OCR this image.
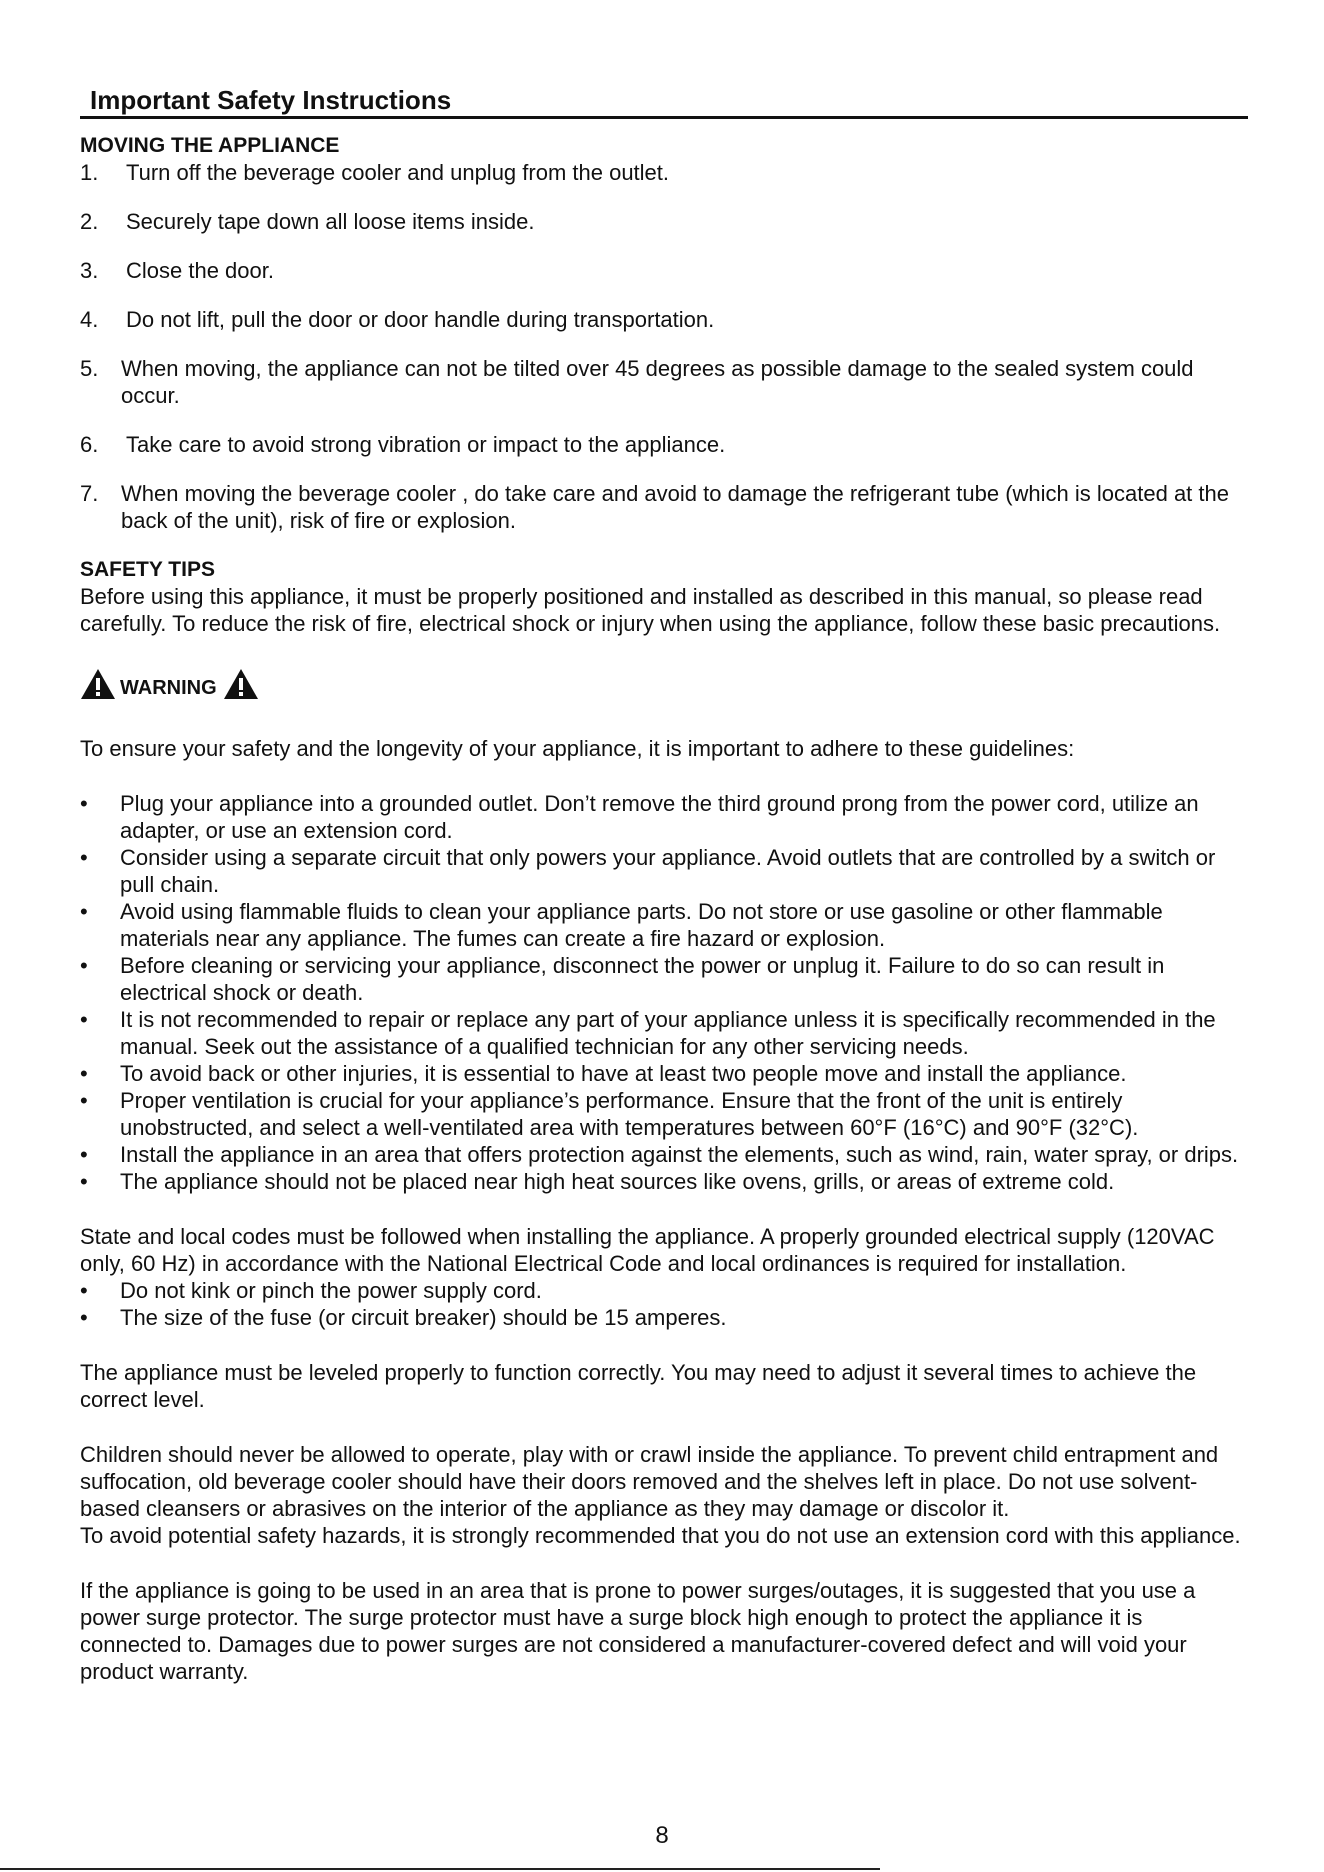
Important Safety Instructions
MOVING THE APPLIANCE
1.	Turn off the beverage cooler and unplug from the outlet.
2.	Securely tape down all loose items inside.
3.	Close the door.
4.	Do not lift, pull the door or door handle during transportation.
5.	When moving, the appliance can not be tilted over 45 degrees as possible damage to the sealed system could occur.
6.	Take care to avoid strong vibration or impact to the appliance.
7.	When moving the beverage cooler , do take care and avoid to damage the refrigerant tube (which is located at the back of the unit), risk of fire or explosion.
SAFETY TIPS

Before using this appliance, it must be properly positioned and installed as described in this manual, so please read carefully. To reduce the risk of fire, electrical shock or injury when using the appliance, follow these basic precautions.

WARNING

To ensure your safety and the longevity of your appliance, it is important to adhere to these guidelines:

•	Plug your appliance into a grounded outlet. Don’t remove the third ground prong from the power cord, utilize an adapter, or use an extension cord.
•	Consider using a separate circuit that only powers your appliance. Avoid outlets that are controlled by a switch or pull chain.
•	Avoid using flammable fluids to clean your appliance parts. Do not store or use gasoline or other flammable materials near any appliance. The fumes can create a fire hazard or explosion.
•	Before cleaning or servicing your appliance, disconnect the power or unplug it. Failure to do so can result in electrical shock or death.
•	It is not recommended to repair or replace any part of your appliance unless it is specifically recommended in the manual. Seek out the assistance of a qualified technician for any other servicing needs.
•	To avoid back or other injuries, it is essential to have at least two people move and install the appliance.
•	Proper ventilation is crucial for your appliance’s performance. Ensure that the front of the unit is entirely unobstructed, and select a well-ventilated area with temperatures between 60°F (16°C) and 90°F (32°C).
•	Install the appliance in an area that offers protection against the elements, such as wind, rain, water spray, or drips.
•	The appliance should not be placed near high heat sources like ovens, grills, or areas of extreme cold.

State and local codes must be followed when installing the appliance. A properly grounded electrical supply (120VAC only, 60 Hz) in accordance with the National Electrical Code and local ordinances is required for installation.

•	Do not kink or pinch the power supply cord.
•	The size of the fuse (or circuit breaker) should be 15 amperes.

The appliance must be leveled properly to function correctly. You may need to adjust it several times to achieve the correct level.

Children should never be allowed to operate, play with or crawl inside the appliance. To prevent child entrapment and suffocation, old beverage cooler should have their doors removed and the shelves left in place. Do not use solvent-based cleansers or abrasives on the interior of the appliance as they may damage or discolor it.

To avoid potential safety hazards, it is strongly recommended that you do not use an extension cord with this appliance.

If the appliance is going to be used in an area that is prone to power surges/outages, it is suggested that you use a power surge protector. The surge protector must have a surge block high enough to protect the appliance it is connected to. Damages due to power surges are not considered a manufacturer-covered defect and will void your product warranty.

8
